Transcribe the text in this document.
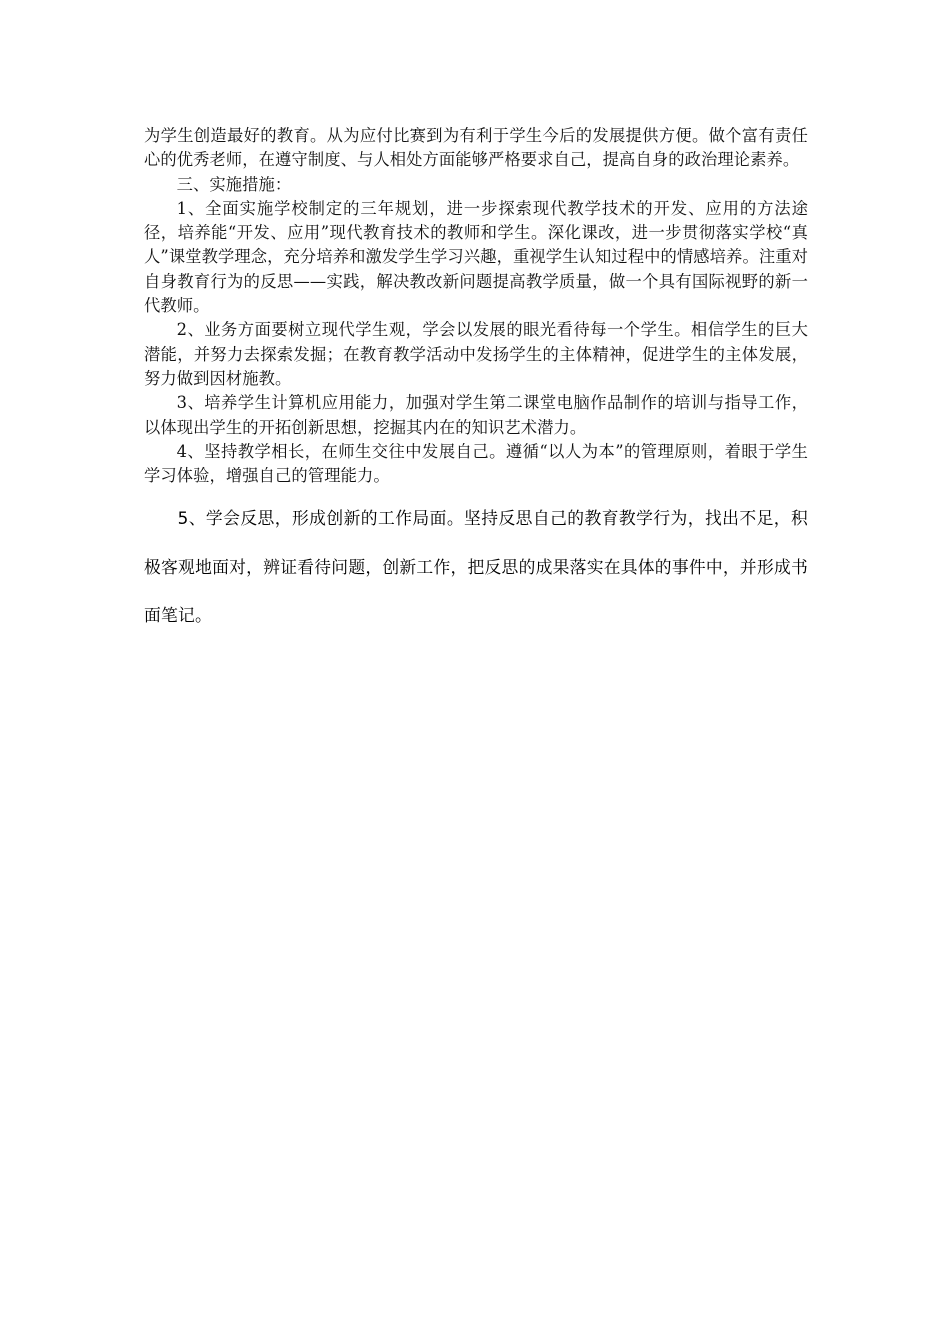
为学生创造最好的教育。从为应付比赛到为有利于学生今后的发展提供方便。做个富有责任心的优秀老师，在遵守制度、与人相处方面能够严格要求自己，提高自身的政治理论素养。

三、实施措施：

1、全面实施学校制定的三年规划，进一步探索现代教学技术的开发、应用的方法途径，培养能“开发、应用”现代教育技术的教师和学生。深化课改，进一步贯彻落实学校“真人”课堂教学理念，充分培养和激发学生学习兴趣，重视学生认知过程中的情感培养。注重对自身教育行为的反思——实践，解决教改新问题提高教学质量，做一个具有国际视野的新一代教师。

2、业务方面要树立现代学生观，学会以发展的眼光看待每一个学生。相信学生的巨大潜能，并努力去探索发掘；在教育教学活动中发扬学生的主体精神，促进学生的主体发展，努力做到因材施教。

3、培养学生计算机应用能力，加强对学生第二课堂电脑作品制作的培训与指导工作，以体现出学生的开拓创新思想，挖掘其内在的知识艺术潜力。

4、坚持教学相长，在师生交往中发展自己。遵循“以人为本”的管理原则，着眼于学生学习体验，增强自己的管理能力。

5、学会反思，形成创新的工作局面。坚持反思自己的教育教学行为，找出不足，积极客观地面对，辨证看待问题，创新工作，把反思的成果落实在具体的事件中，并形成书面笔记。
